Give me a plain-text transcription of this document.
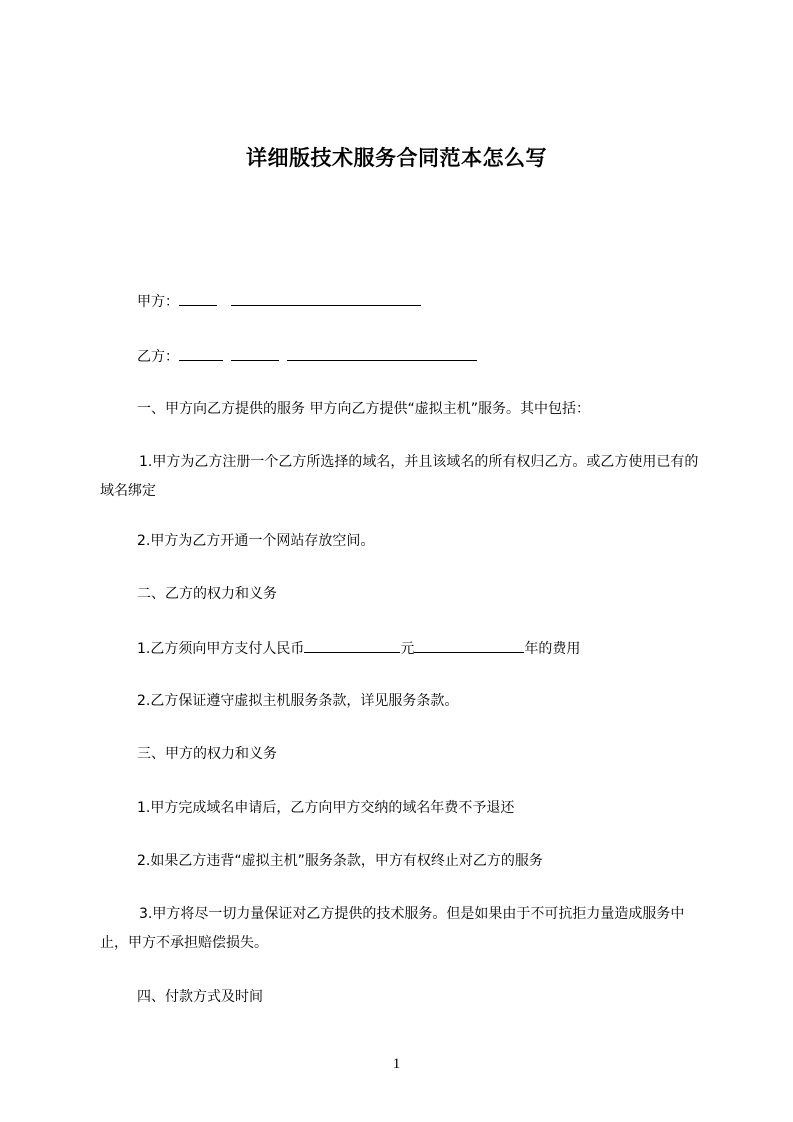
详细版技术服务合同范本怎么写
甲方：
乙方：
一、甲方向乙方提供的服务 甲方向乙方提供“虚拟主机”服务。其中包括：
1.甲方为乙方注册一个乙方所选择的域名，并且该域名的所有权归乙方。或乙方使用已有的域名绑定
2.甲方为乙方开通一个网站存放空间。
二、乙方的权力和义务
1.乙方须向甲方支付人民币	元	年的费用
2.乙方保证遵守虚拟主机服务条款，详见服务条款。
三、甲方的权力和义务
1.甲方完成域名申请后，乙方向甲方交纳的域名年费不予退还
2.如果乙方违背“虚拟主机”服务条款，甲方有权终止对乙方的服务
3.甲方将尽一切力量保证对乙方提供的技术服务。但是如果由于不可抗拒力量造成服务中止，甲方不承担赔偿损失。
四、付款方式及时间
1
